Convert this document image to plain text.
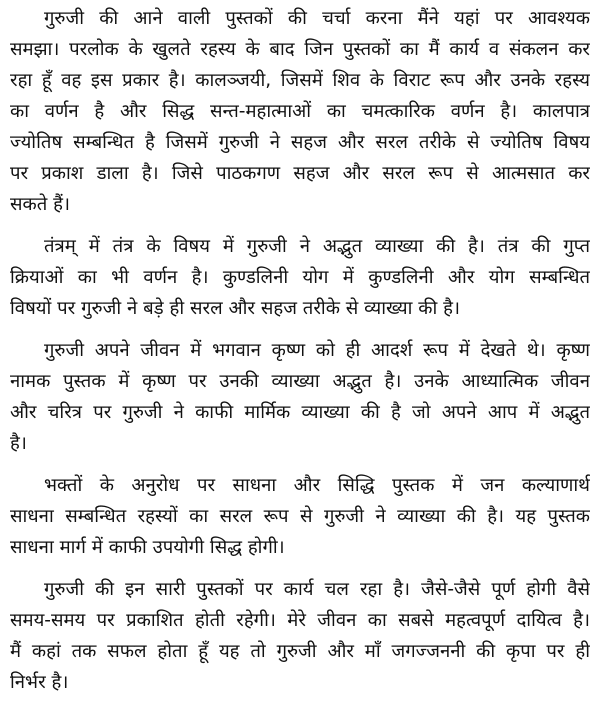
गुरुजी की आने वाली पुस्तकों की चर्चा करना मैंने यहां पर आवश्यक
समझा। परलोक के खुलते रहस्य के बाद जिन पुस्तकों का मैं कार्य व संकलन कर
रहा हूँ वह इस प्रकार है। कालञ्जयी, जिसमें शिव के विराट रूप और उनके रहस्य
का वर्णन है और सिद्ध सन्त-महात्माओं का चमत्कारिक वर्णन है। कालपात्र
ज्योतिष सम्बन्धित है जिसमें गुरुजी ने सहज और सरल तरीके से ज्योतिष विषय
पर प्रकाश डाला है। जिसे पाठकगण सहज और सरल रूप से आत्मसात कर
सकते हैं।
तंत्रम् में तंत्र के विषय में गुरुजी ने अद्भुत व्याख्या की है। तंत्र की गुप्त
क्रियाओं का भी वर्णन है। कुण्डलिनी योग में कुण्डलिनी और योग सम्बन्धित
विषयों पर गुरुजी ने बड़े ही सरल और सहज तरीके से व्याख्या की है।
गुरुजी अपने जीवन में भगवान कृष्ण को ही आदर्श रूप में देखते थे। कृष्ण
नामक पुस्तक में कृष्ण पर उनकी व्याख्या अद्भुत है। उनके आध्यात्मिक जीवन
और चरित्र पर गुरुजी ने काफी मार्मिक व्याख्या की है जो अपने आप में अद्भुत
है।
भक्तों के अनुरोध पर साधना और सिद्धि पुस्तक में जन कल्याणार्थ
साधना सम्बन्धित रहस्यों का सरल रूप से गुरुजी ने व्याख्या की है। यह पुस्तक
साधना मार्ग में काफी उपयोगी सिद्ध होगी।
गुरुजी की इन सारी पुस्तकों पर कार्य चल रहा है। जैसे-जैसे पूर्ण होगी वैसे
समय-समय पर प्रकाशित होती रहेगी। मेरे जीवन का सबसे महत्वपूर्ण दायित्व है।
मैं कहां तक सफल होता हूँ यह तो गुरुजी और माँ जगज्जननी की कृपा पर ही
निर्भर है।
